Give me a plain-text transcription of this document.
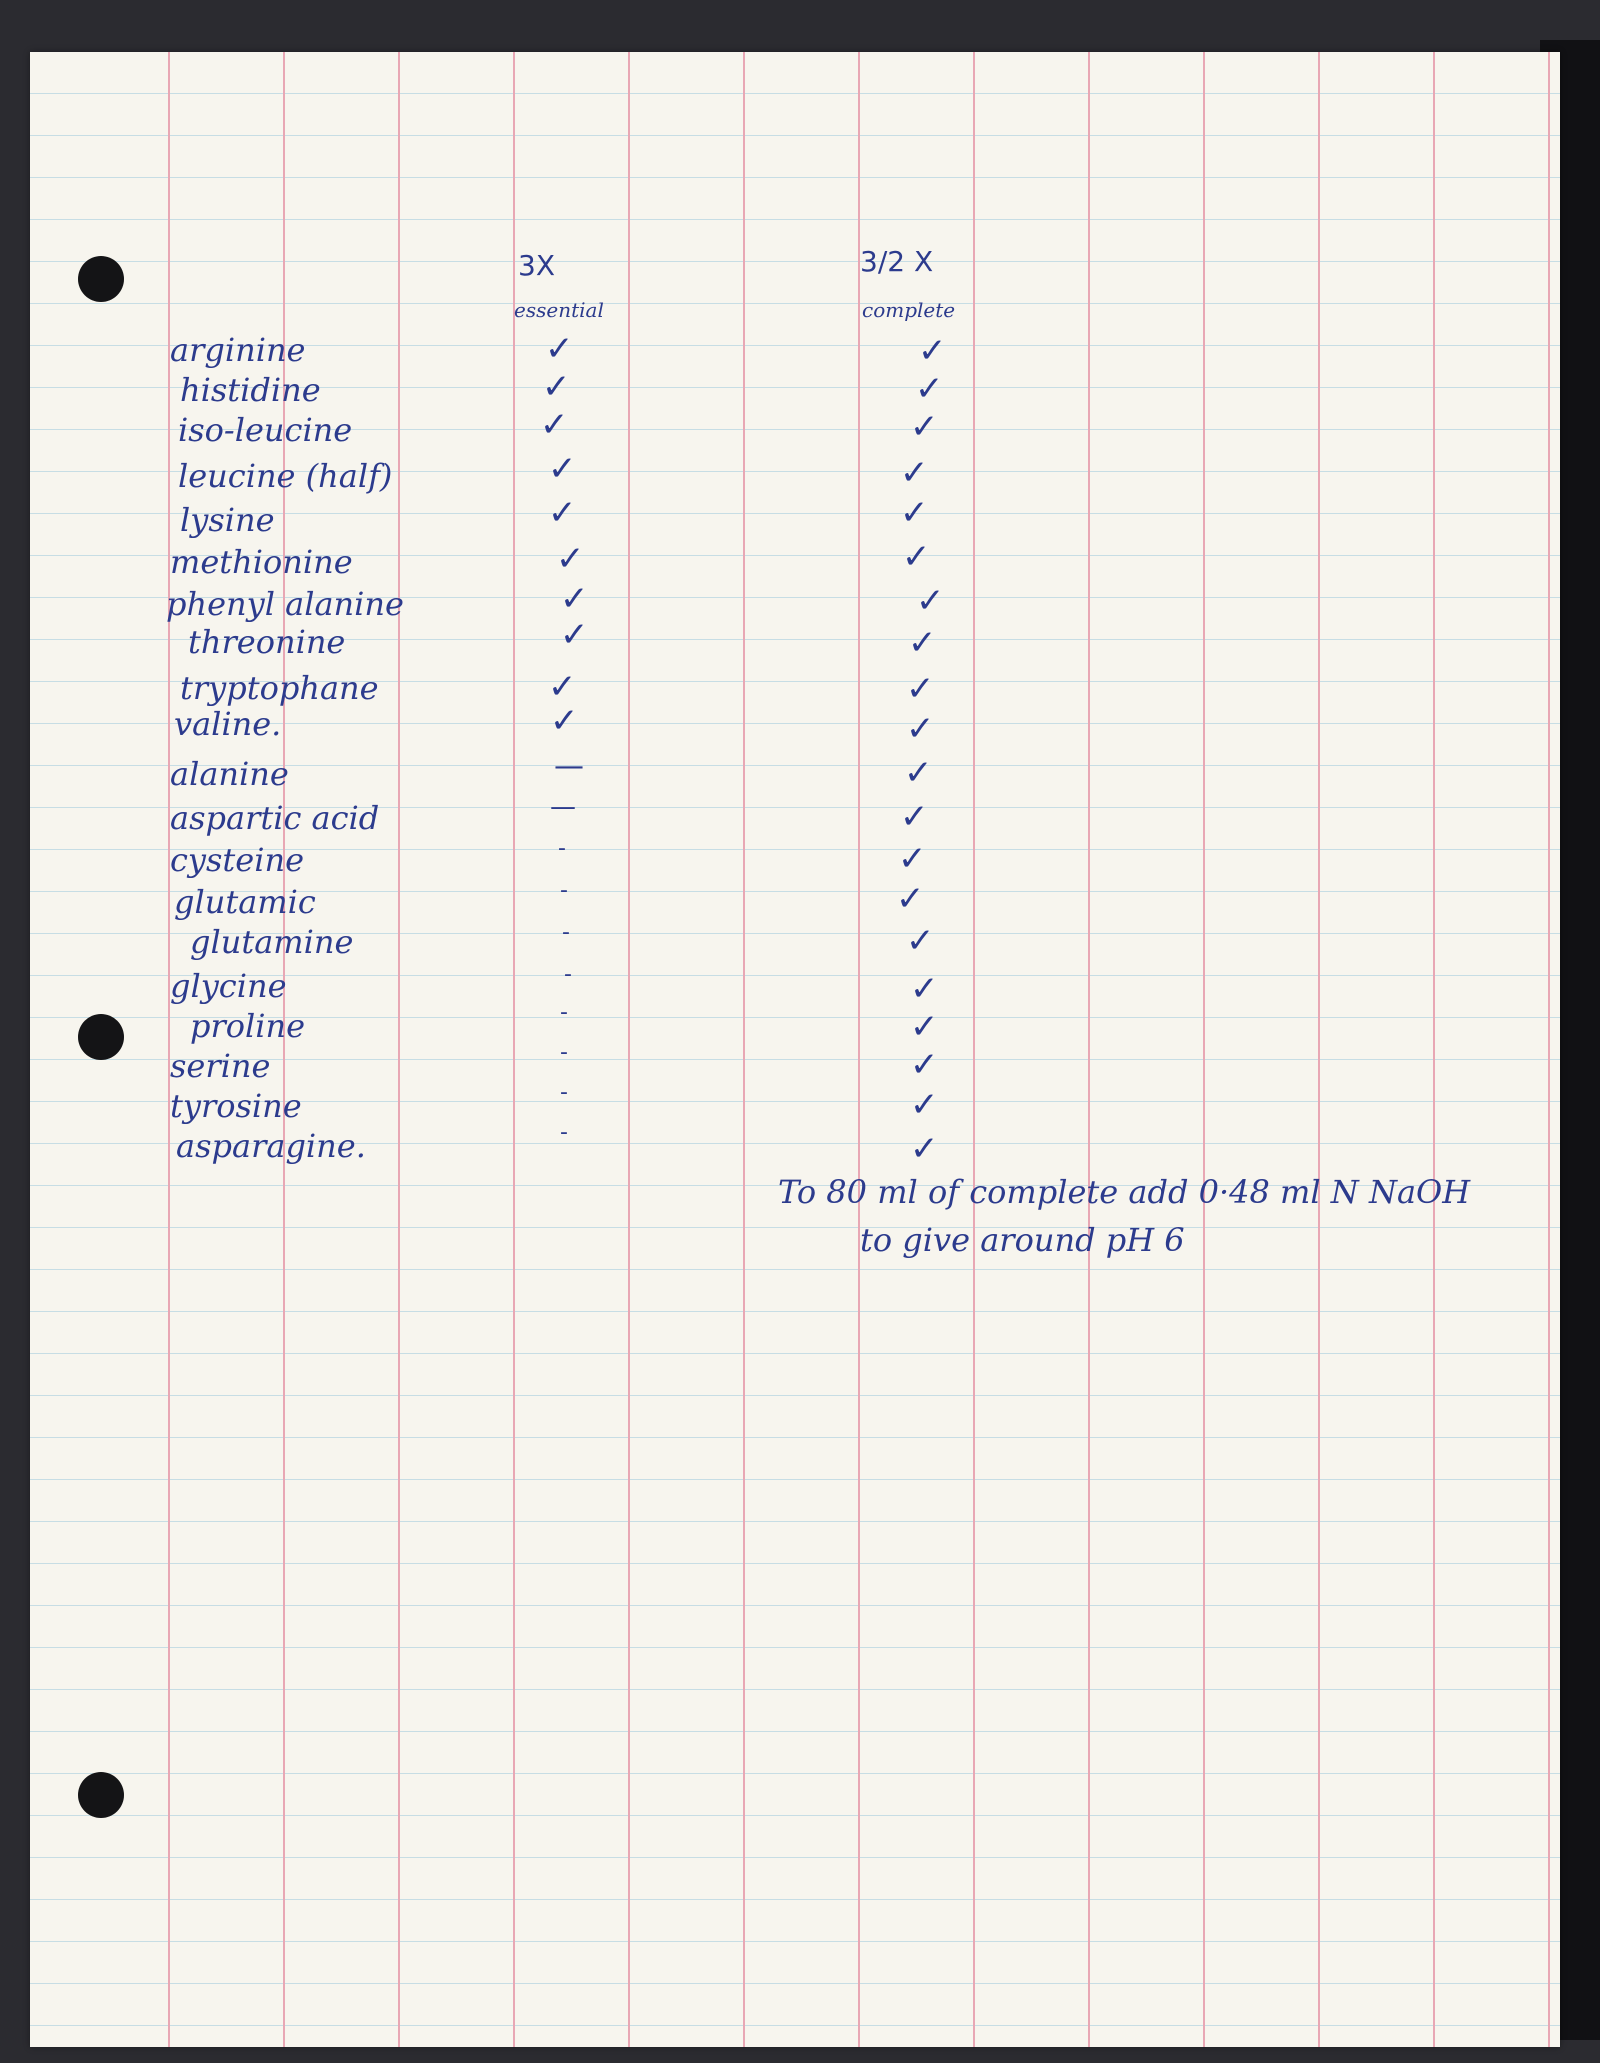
3X
essential
3/2 X
complete
arginine	✓	✓
histidine	✓	✓
iso-leucine	✓	✓
leucine (half)	✓	✓
lysine	✓	✓
methionine	✓	✓
phenyl alanine	✓	✓
threonine	✓	✓
tryptophane	✓	✓
valine.	✓	✓
alanine	—	✓
aspartic acid	—	✓
cysteine	-	✓
glutamic	-	✓
glutamine	-	✓
glycine	-	✓
proline	-	✓
serine	-	✓
tyrosine	-	✓
asparagine.	-	✓
To 80 ml of complete add 0·48 ml N NaOH
to give around pH 6
